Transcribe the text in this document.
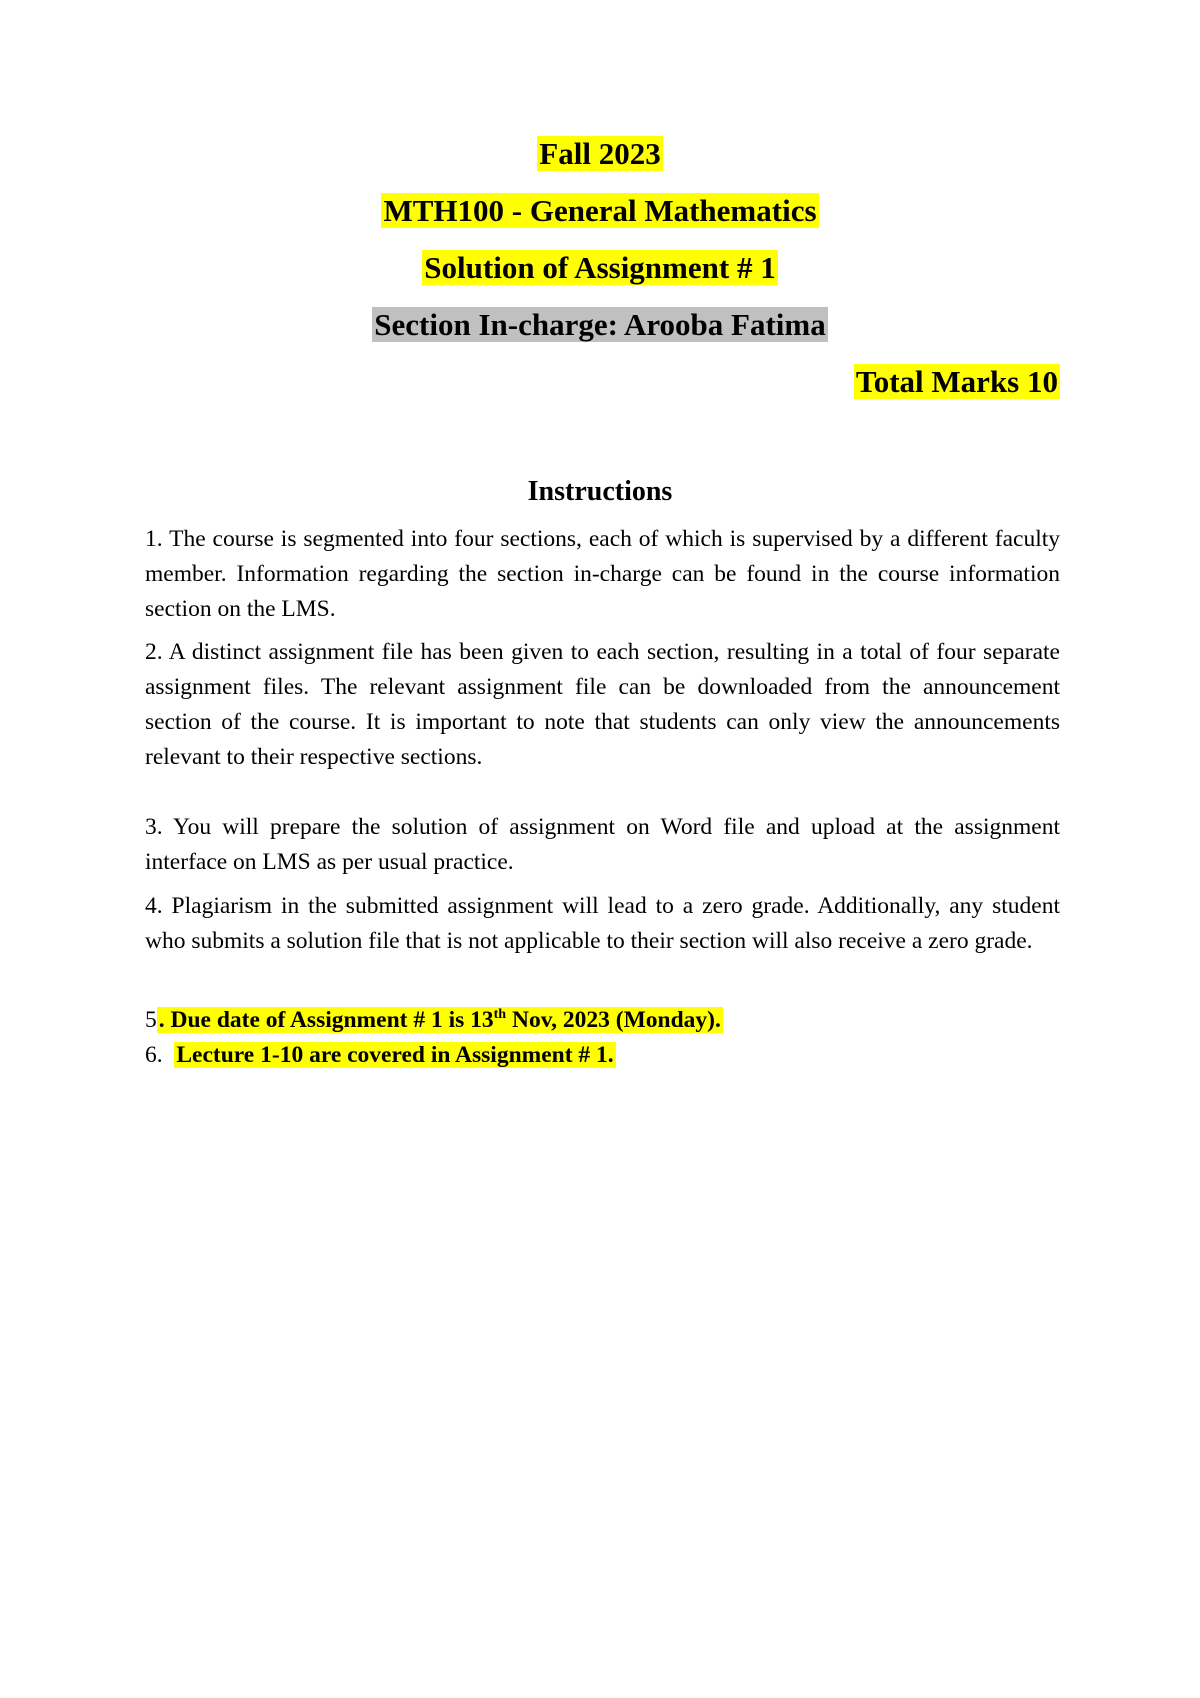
Fall 2023
MTH100 - General Mathematics
Solution of Assignment # 1
Section In-charge: Arooba Fatima
Total Marks 10
Instructions
1. The course is segmented into four sections, each of which is supervised by a different faculty member. Information regarding the section in-charge can be found in the course information section on the LMS.
2. A distinct assignment file has been given to each section, resulting in a total of four separate assignment files. The relevant assignment file can be downloaded from the announcement section of the course. It is important to note that students can only view the announcements relevant to their respective sections.
3. You will prepare the solution of assignment on Word file and upload at the assignment interface on LMS as per usual practice.
4. Plagiarism in the submitted assignment will lead to a zero grade. Additionally, any student who submits a solution file that is not applicable to their section will also receive a zero grade.
5. Due date of Assignment # 1 is 13th Nov, 2023 (Monday).
6. Lecture 1-10 are covered in Assignment # 1.
